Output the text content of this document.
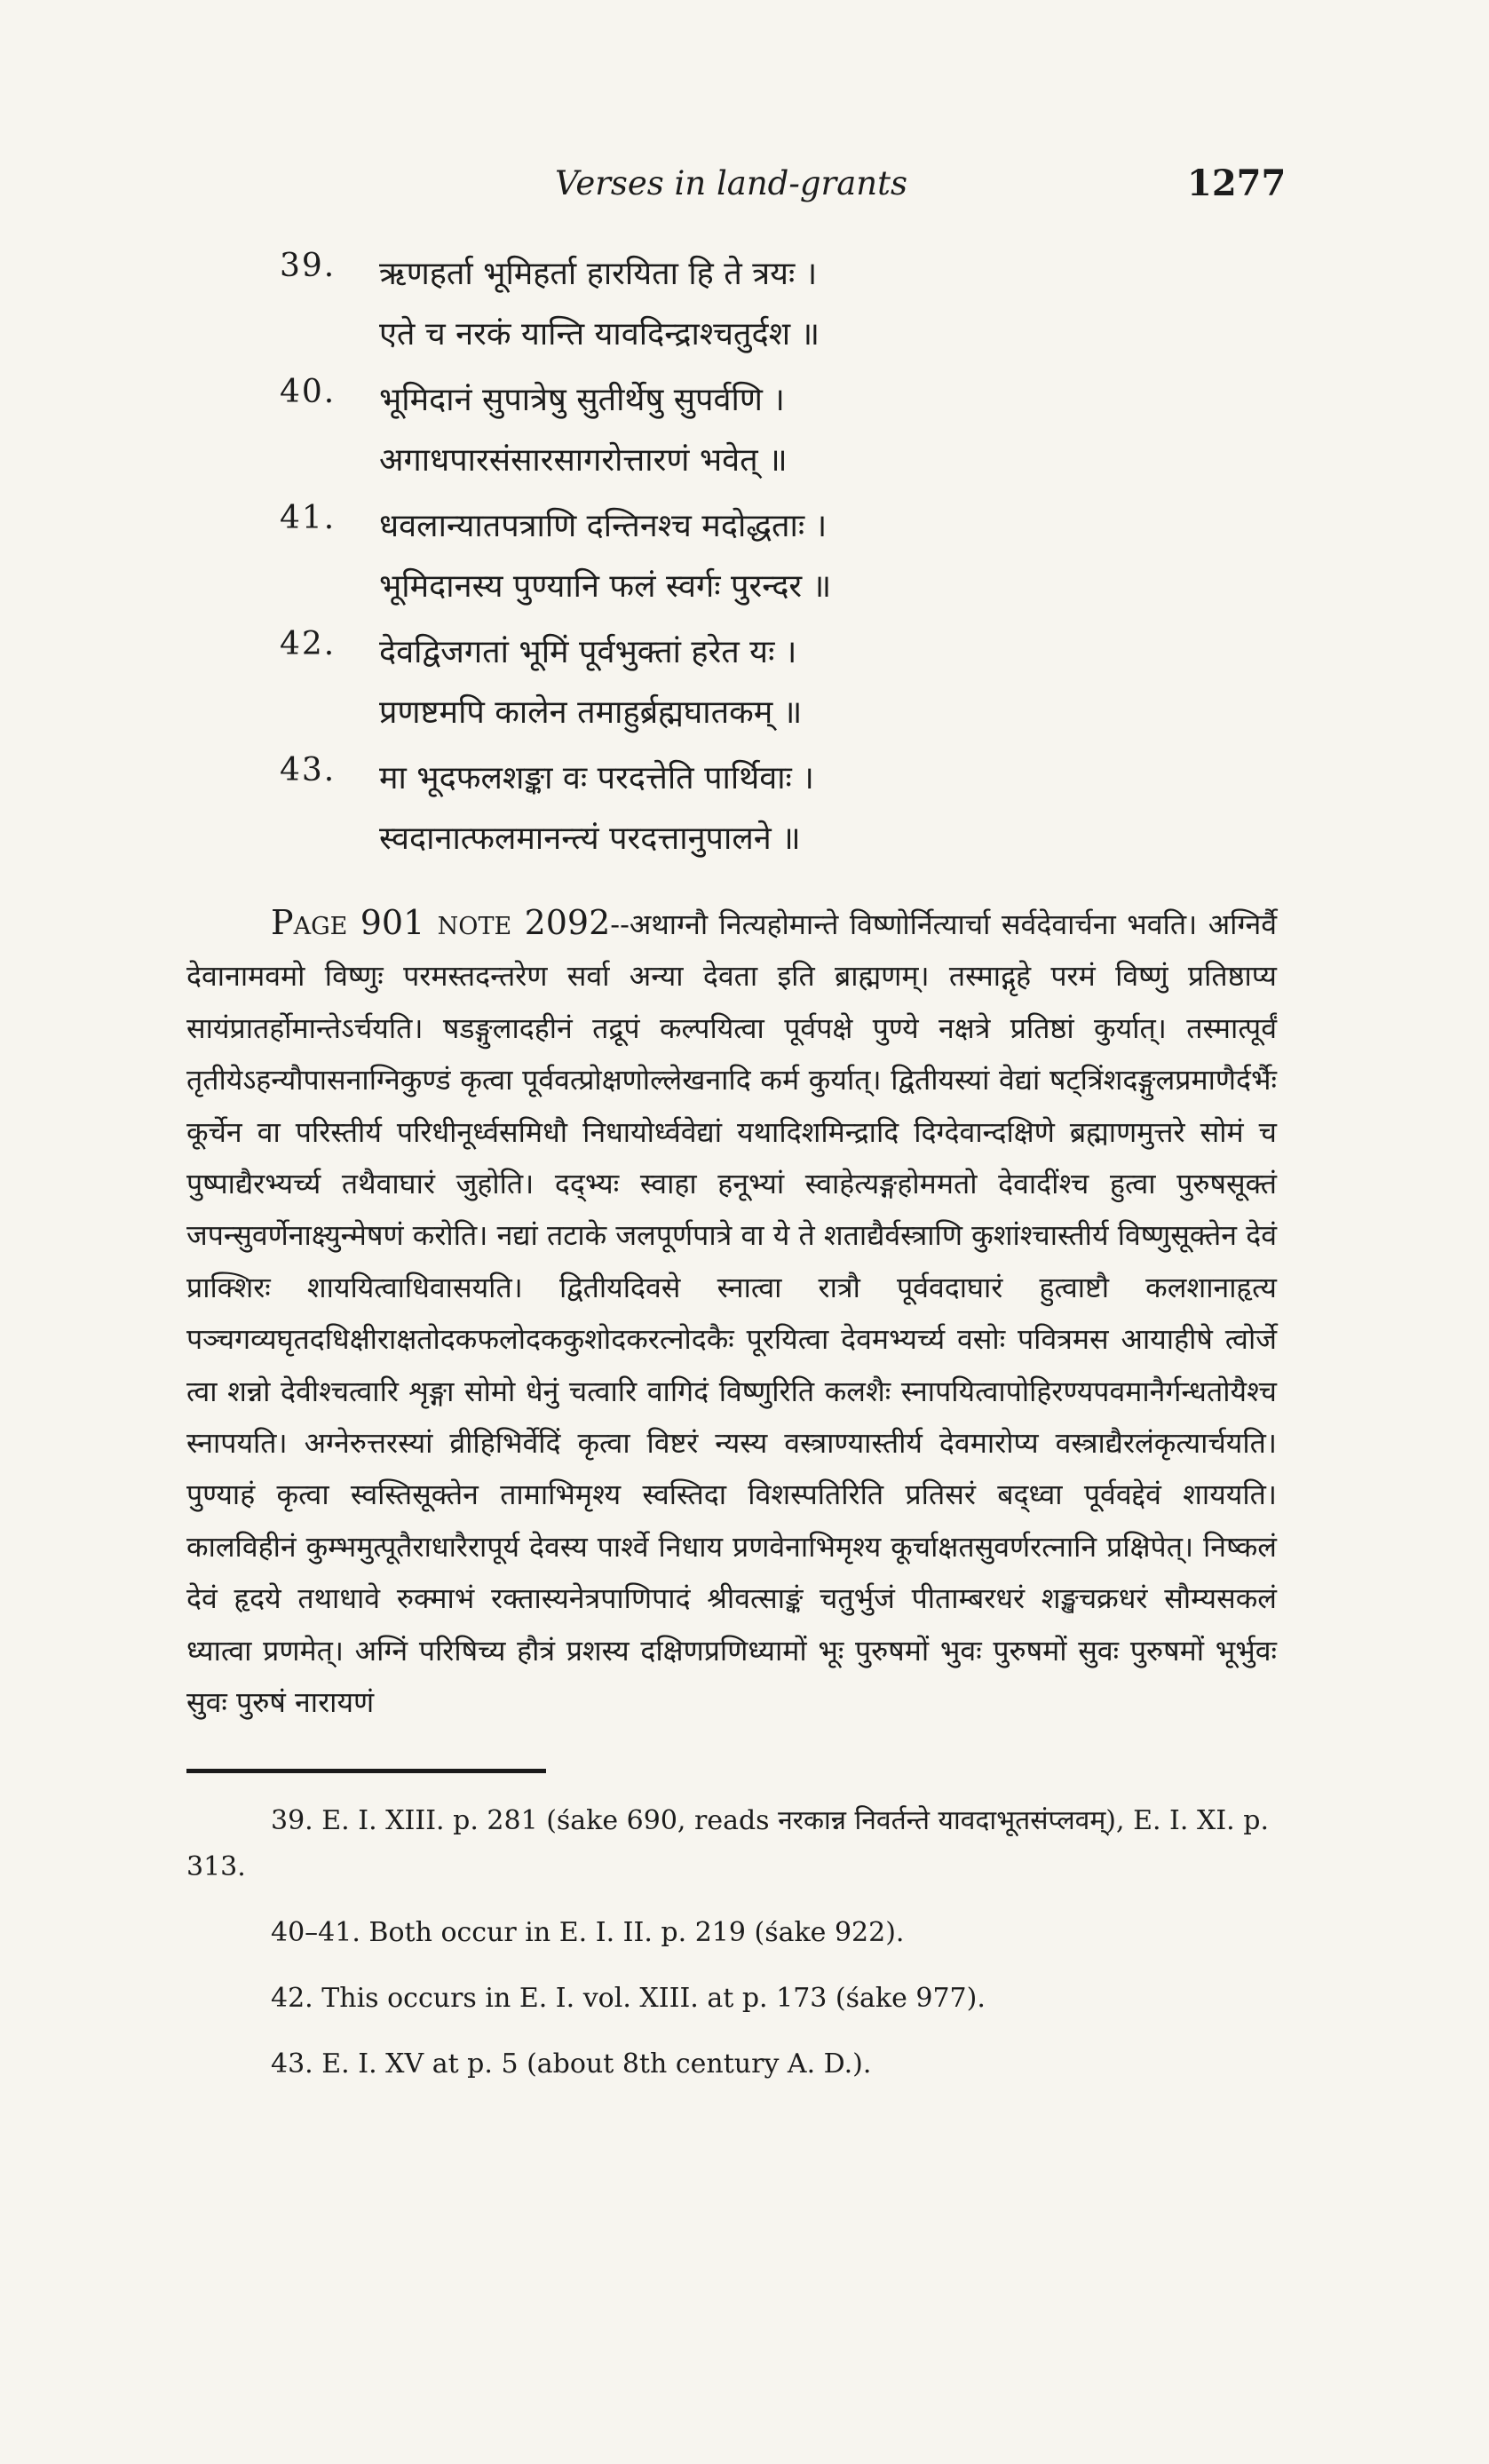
Verses in land-grants	1277
39.	ऋणहर्ता भूमिहर्ता हारयिता हि ते त्रयः ।
एते च नरकं यान्ति यावदिन्द्राश्चतुर्दश ॥
40.	भूमिदानं सुपात्रेषु सुतीर्थेषु सुपर्वणि ।
अगाधपारसंसारसागरोत्तारणं भवेत् ॥
41.	धवलान्यातपत्राणि दन्तिनश्च मदोद्धताः ।
भूमिदानस्य पुण्यानि फलं स्वर्गः पुरन्दर ॥
42.	देवद्विजगतां भूमिं पूर्वभुक्तां हरेत यः ।
प्रणष्टमपि कालेन तमाहुर्ब्रह्मघातकम् ॥
43.	मा भूदफलशङ्का वः परदत्तेति पार्थिवाः ।
स्वदानात्फलमानन्त्यं परदत्तानुपालने ॥
Page 901 note 2092--अथाग्नौ नित्यहोमान्ते विष्णोर्नित्यार्चा सर्वदेवार्चना भवति। अग्निर्वै देवानामवमो विष्णुः परमस्तदन्तरेण सर्वा अन्या देवता इति ब्राह्मणम्। तस्माद्गृहे परमं विष्णुं प्रतिष्ठाप्य सायंप्रातर्होमान्तेऽर्चयति। षडङ्गुलादहीनं तद्रूपं कल्पयित्वा पूर्वपक्षे पुण्ये नक्षत्रे प्रतिष्ठां कुर्यात्। तस्मात्पूर्वं तृतीयेऽहन्यौपासनाग्निकुण्डं कृत्वा पूर्ववत्प्रोक्षणोल्लेखनादि कर्म कुर्यात्। द्वितीयस्यां वेद्यां षट्त्रिंशदङ्गुलप्रमाणैर्दर्भैः कूर्चेन वा परिस्तीर्य परिधीनूर्ध्वसमिधौ निधायोर्ध्ववेद्यां यथादिशमिन्द्रादि दिग्देवान्दक्षिणे ब्रह्माणमुत्तरे सोमं च पुष्पाद्यैरभ्यर्च्य तथैवाघारं जुहोति। दद्भ्यः स्वाहा हनूभ्यां स्वाहेत्यङ्गहोममतो देवादींश्च हुत्वा पुरुषसूक्तं जपन्सुवर्णेनाक्ष्युन्मेषणं करोति। नद्यां तटाके जलपूर्णपात्रे वा ये ते शताद्यैर्वस्त्राणि कुशांश्चास्तीर्य विष्णुसूक्तेन देवं प्राक्शिरः शाययित्वाधिवासयति। द्वितीयदिवसे स्नात्वा रात्रौ पूर्ववदाघारं हुत्वाष्टौ कलशानाहृत्य पञ्चगव्यघृतदधिक्षीराक्षतोदकफलोदककुशोदकरत्नोदकैः पूरयित्वा देवमभ्यर्च्य वसोः पवित्रमस आयाहीषे त्वोर्जे त्वा शन्नो देवीश्चत्वारि शृङ्गा सोमो धेनुं चत्वारि वागिदं विष्णुरिति कलशैः स्नापयित्वापोहिरण्यपवमानैर्गन्धतोयैश्च स्नापयति। अग्नेरुत्तरस्यां व्रीहिभिर्वेदिं कृत्वा विष्टरं न्यस्य वस्त्राण्यास्तीर्य देवमारोप्य वस्त्राद्यैरलंकृत्यार्चयति। पुण्याहं कृत्वा स्वस्तिसूक्तेन तामाभिमृश्य स्वस्तिदा विशस्पतिरिति प्रतिसरं बद्ध्वा पूर्ववद्देवं शाययति। कालविहीनं कुम्भमुत्पूतैराधारैरापूर्य देवस्य पार्श्वे निधाय प्रणवेनाभिमृश्य कूर्चाक्षतसुवर्णरत्नानि प्रक्षिपेत्। निष्कलं देवं हृदये तथाधावे रुक्माभं रक्तास्यनेत्रपाणिपादं श्रीवत्साङ्कं चतुर्भुजं पीताम्बरधरं शङ्खचक्रधरं सौम्यसकलं ध्यात्वा प्रणमेत्। अग्निं परिषिच्य हौत्रं प्रशस्य दक्षिणप्रणिध्यामों भूः पुरुषमों भुवः पुरुषमों सुवः पुरुषमों भूर्भुवः सुवः पुरुषं नारायणं
39. E. I. XIII. p. 281 (śake 690, reads नरकान्न निवर्तन्ते यावदाभूतसंप्लवम्), E. I. XI. p. 313.
40–41. Both occur in E. I. II. p. 219 (śake 922).
42. This occurs in E. I. vol. XIII. at p. 173 (śake 977).
43. E. I. XV at p. 5 (about 8th century A. D.).
